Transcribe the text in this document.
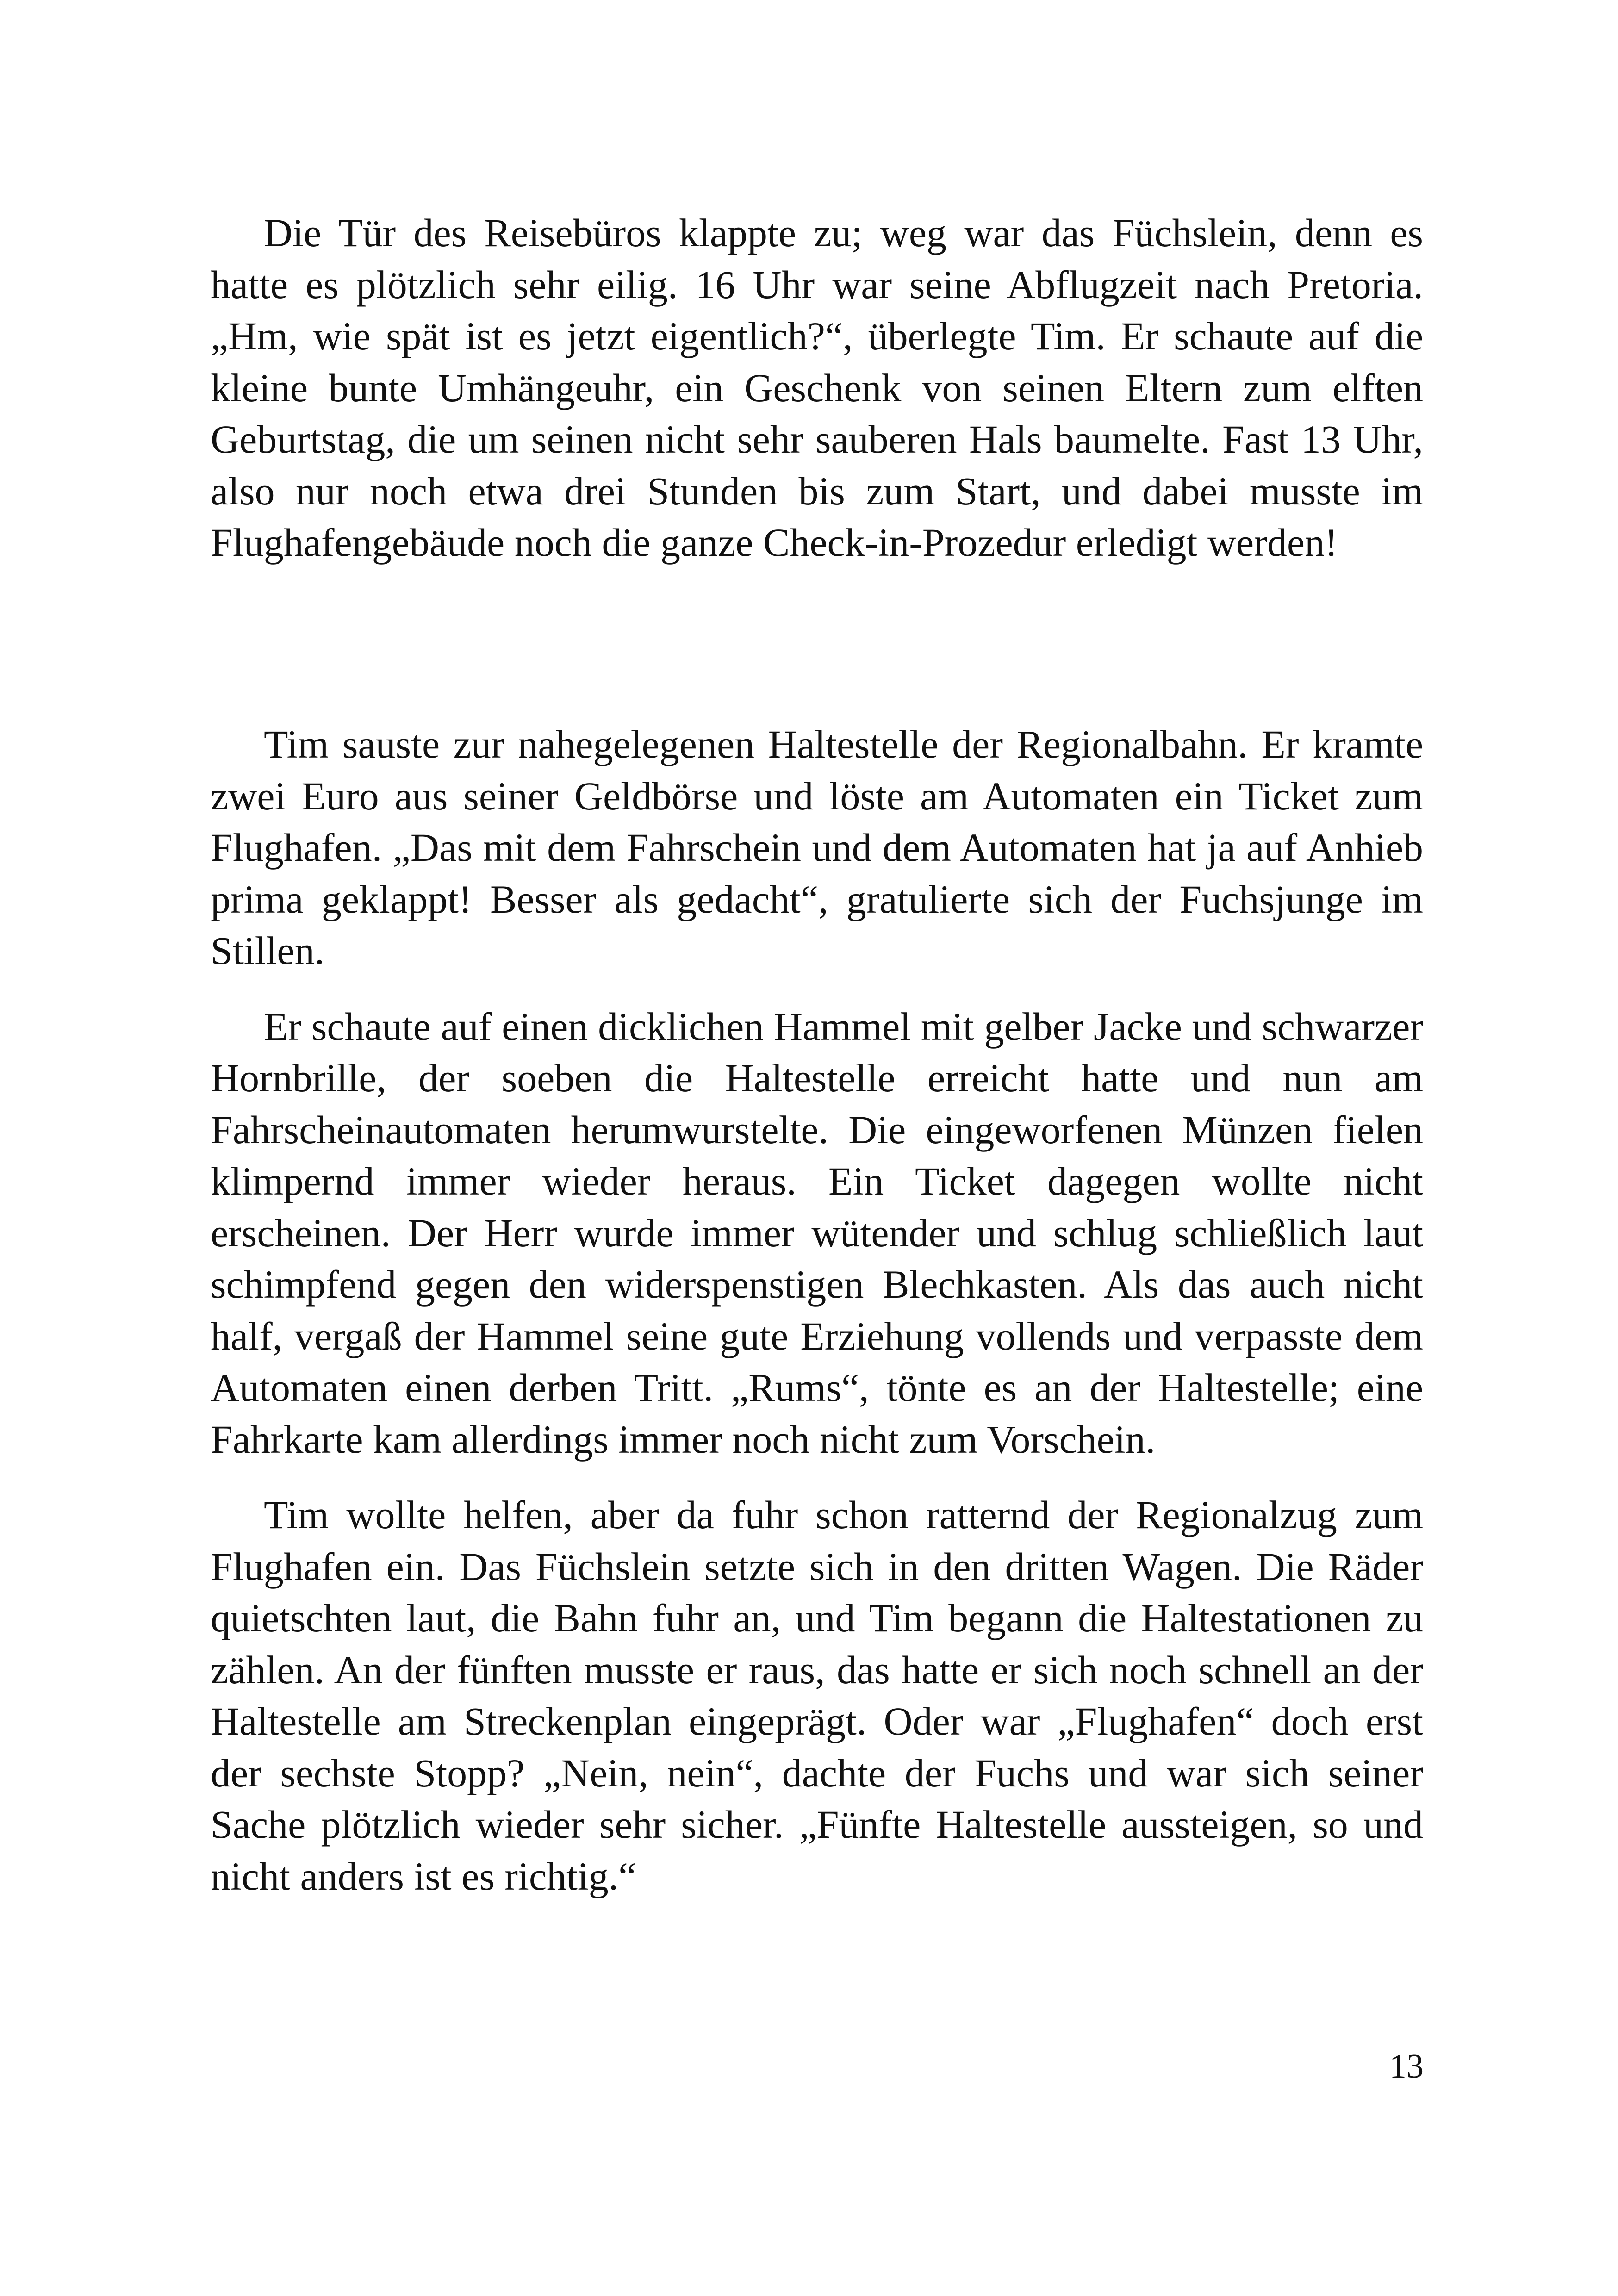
Die Tür des Reisebüros klappte zu; weg war das Füchslein, denn es hatte es plötzlich sehr eilig. 16 Uhr war seine Abflugzeit nach Pretoria. „Hm, wie spät ist es jetzt eigentlich?“, überlegte Tim. Er schaute auf die kleine bunte Umhängeuhr, ein Geschenk von seinen Eltern zum elften Geburtstag, die um seinen nicht sehr sauberen Hals baumelte. Fast 13 Uhr, also nur noch etwa drei Stunden bis zum Start, und dabei musste im Flughafengebäude noch die ganze Check-in-Prozedur erledigt werden!

Tim sauste zur nahegelegenen Haltestelle der Regionalbahn. Er kramte zwei Euro aus seiner Geldbörse und löste am Automaten ein Ticket zum Flughafen. „Das mit dem Fahrschein und dem Automaten hat ja auf Anhieb prima geklappt! Besser als gedacht“, gratulierte sich der Fuchsjunge im Stillen.

Er schaute auf einen dicklichen Hammel mit gelber Jacke und schwarzer Hornbrille, der soeben die Haltestelle erreicht hatte und nun am Fahrscheinautomaten herumwurstelte. Die eingeworfenen Münzen fielen klimpernd immer wieder heraus. Ein Ticket dagegen wollte nicht erscheinen. Der Herr wurde immer wütender und schlug schließlich laut schimpfend gegen den widerspenstigen Blechkasten. Als das auch nicht half, vergaß der Hammel seine gute Erziehung vollends und verpasste dem Automaten einen derben Tritt. „Rums“, tönte es an der Haltestelle; eine Fahrkarte kam allerdings immer noch nicht zum Vorschein.

Tim wollte helfen, aber da fuhr schon ratternd der Regionalzug zum Flughafen ein. Das Füchslein setzte sich in den dritten Wagen. Die Räder quietschten laut, die Bahn fuhr an, und Tim begann die Haltestationen zu zählen. An der fünften musste er raus, das hatte er sich noch schnell an der Haltestelle am Streckenplan eingeprägt. Oder war „Flughafen“ doch erst der sechste Stopp? „Nein, nein“, dachte der Fuchs und war sich seiner Sache plötzlich wieder sehr sicher. „Fünfte Haltestelle aussteigen, so und nicht anders ist es richtig.“

13
